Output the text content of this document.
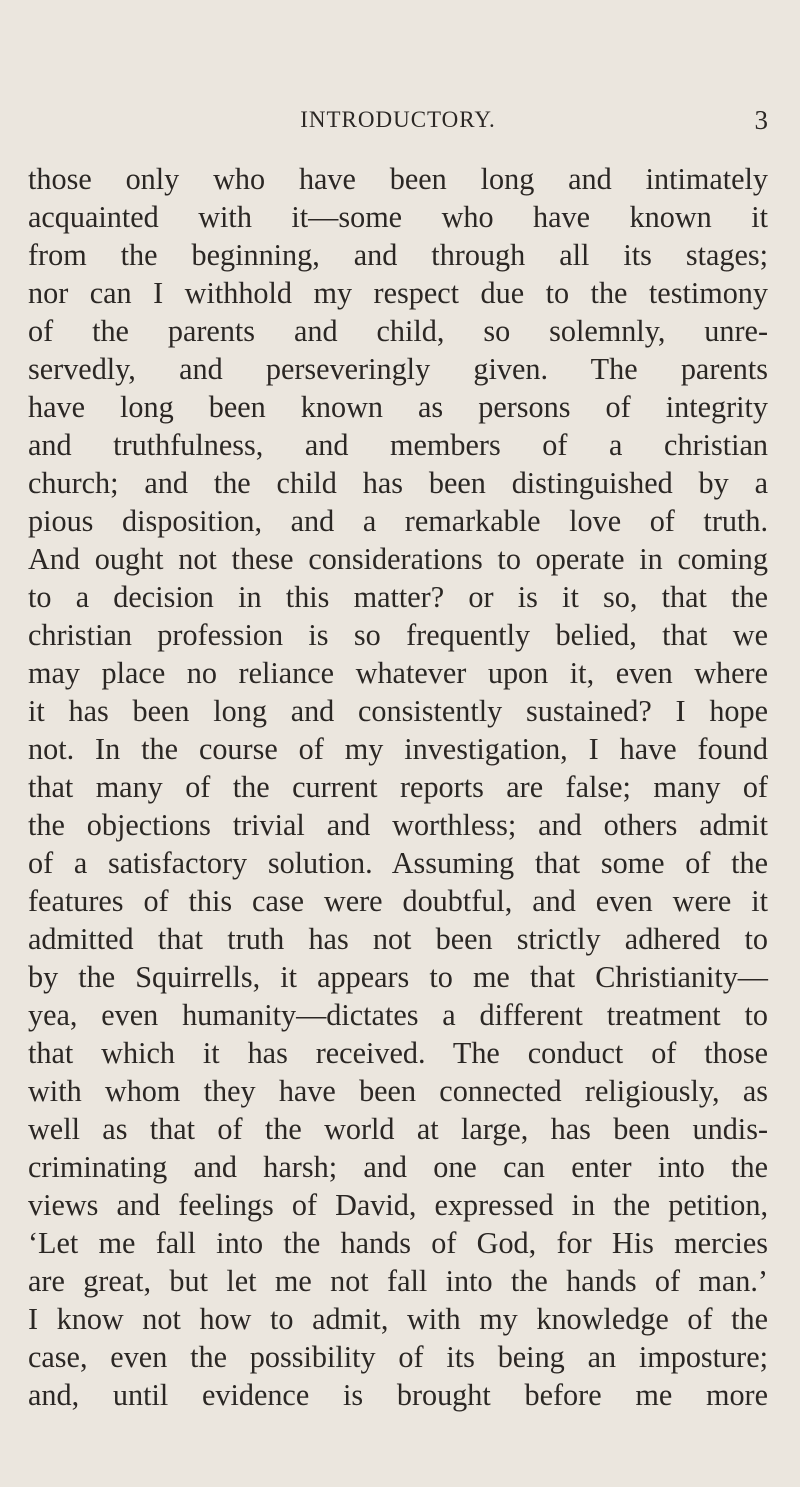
INTRODUCTORY.	3
those only who have been long and intimately
acquainted with it—some who have known it
from the beginning, and through all its stages;
nor can I withhold my respect due to the testimony
of the parents and child, so solemnly, unre-
servedly, and perseveringly given. The parents
have long been known as persons of integrity
and truthfulness, and members of a christian
church; and the child has been distinguished by a
pious disposition, and a remarkable love of truth.
And ought not these considerations to operate in coming
to a decision in this matter? or is it so, that the
christian profession is so frequently belied, that we
may place no reliance whatever upon it, even where
it has been long and consistently sustained? I hope
not. In the course of my investigation, I have found
that many of the current reports are false; many of
the objections trivial and worthless; and others admit
of a satisfactory solution. Assuming that some of the
features of this case were doubtful, and even were it
admitted that truth has not been strictly adhered to
by the Squirrells, it appears to me that Christianity—
yea, even humanity—dictates a different treatment to
that which it has received. The conduct of those
with whom they have been connected religiously, as
well as that of the world at large, has been undis-
criminating and harsh; and one can enter into the
views and feelings of David, expressed in the petition,
‘Let me fall into the hands of God, for His mercies
are great, but let me not fall into the hands of man.’
I know not how to admit, with my knowledge of the
case, even the possibility of its being an imposture;
and, until evidence is brought before me more
